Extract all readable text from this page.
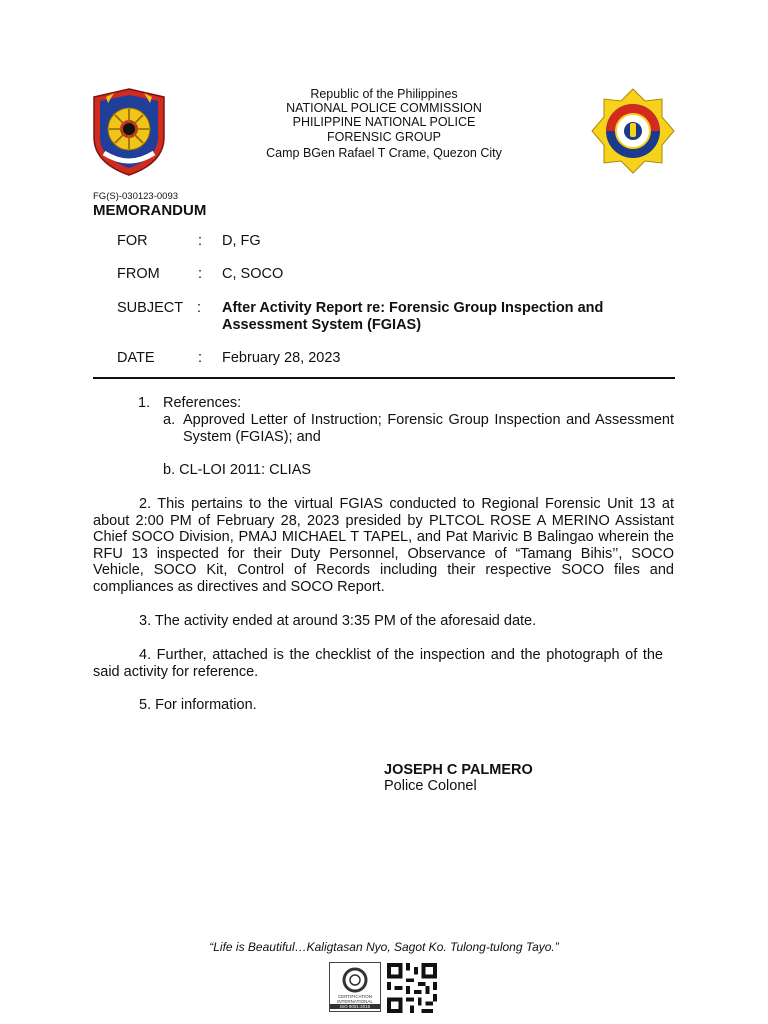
Republic of the Philippines
NATIONAL POLICE COMMISSION
PHILIPPINE NATIONAL POLICE
FORENSIC GROUP
Camp BGen Rafael T Crame, Quezon City
FG(S)-030123-0093
MEMORANDUM
FOR	: D, FG
FROM	: C, SOCO
SUBJECT : After Activity Report re: Forensic Group Inspection and
Assessment System (FGIAS)
DATE	: February 28, 2023
1. References:
a. Approved Letter of Instruction; Forensic Group Inspection and Assessment System (FGIAS); and
b. CL-LOI 2011: CLIAS
2. This pertains to the virtual FGIAS conducted to Regional Forensic Unit 13 at about 2:00 PM of February 28, 2023 presided by PLTCOL ROSE A MERINO Assistant Chief SOCO Division, PMAJ MICHAEL T TAPEL, and Pat Marivic B Balingao wherein the RFU 13 inspected for their Duty Personnel, Observance of “Tamang Bihis’’, SOCO Vehicle, SOCO Kit, Control of Records including their respective SOCO files and compliances as directives and SOCO Report.
3. The activity ended at around 3:35 PM of the aforesaid date.
4. Further, attached is the checklist of the inspection and the photograph of the said activity for reference.
5. For information.
JOSEPH C PALMERO
Police Colonel
“Life is Beautiful…Kaligtasan Nyo, Sagot Ko. Tulong-tulong Tayo.”
CERTIFICATION
INTERNATIONAL
ISO 9001:2015
